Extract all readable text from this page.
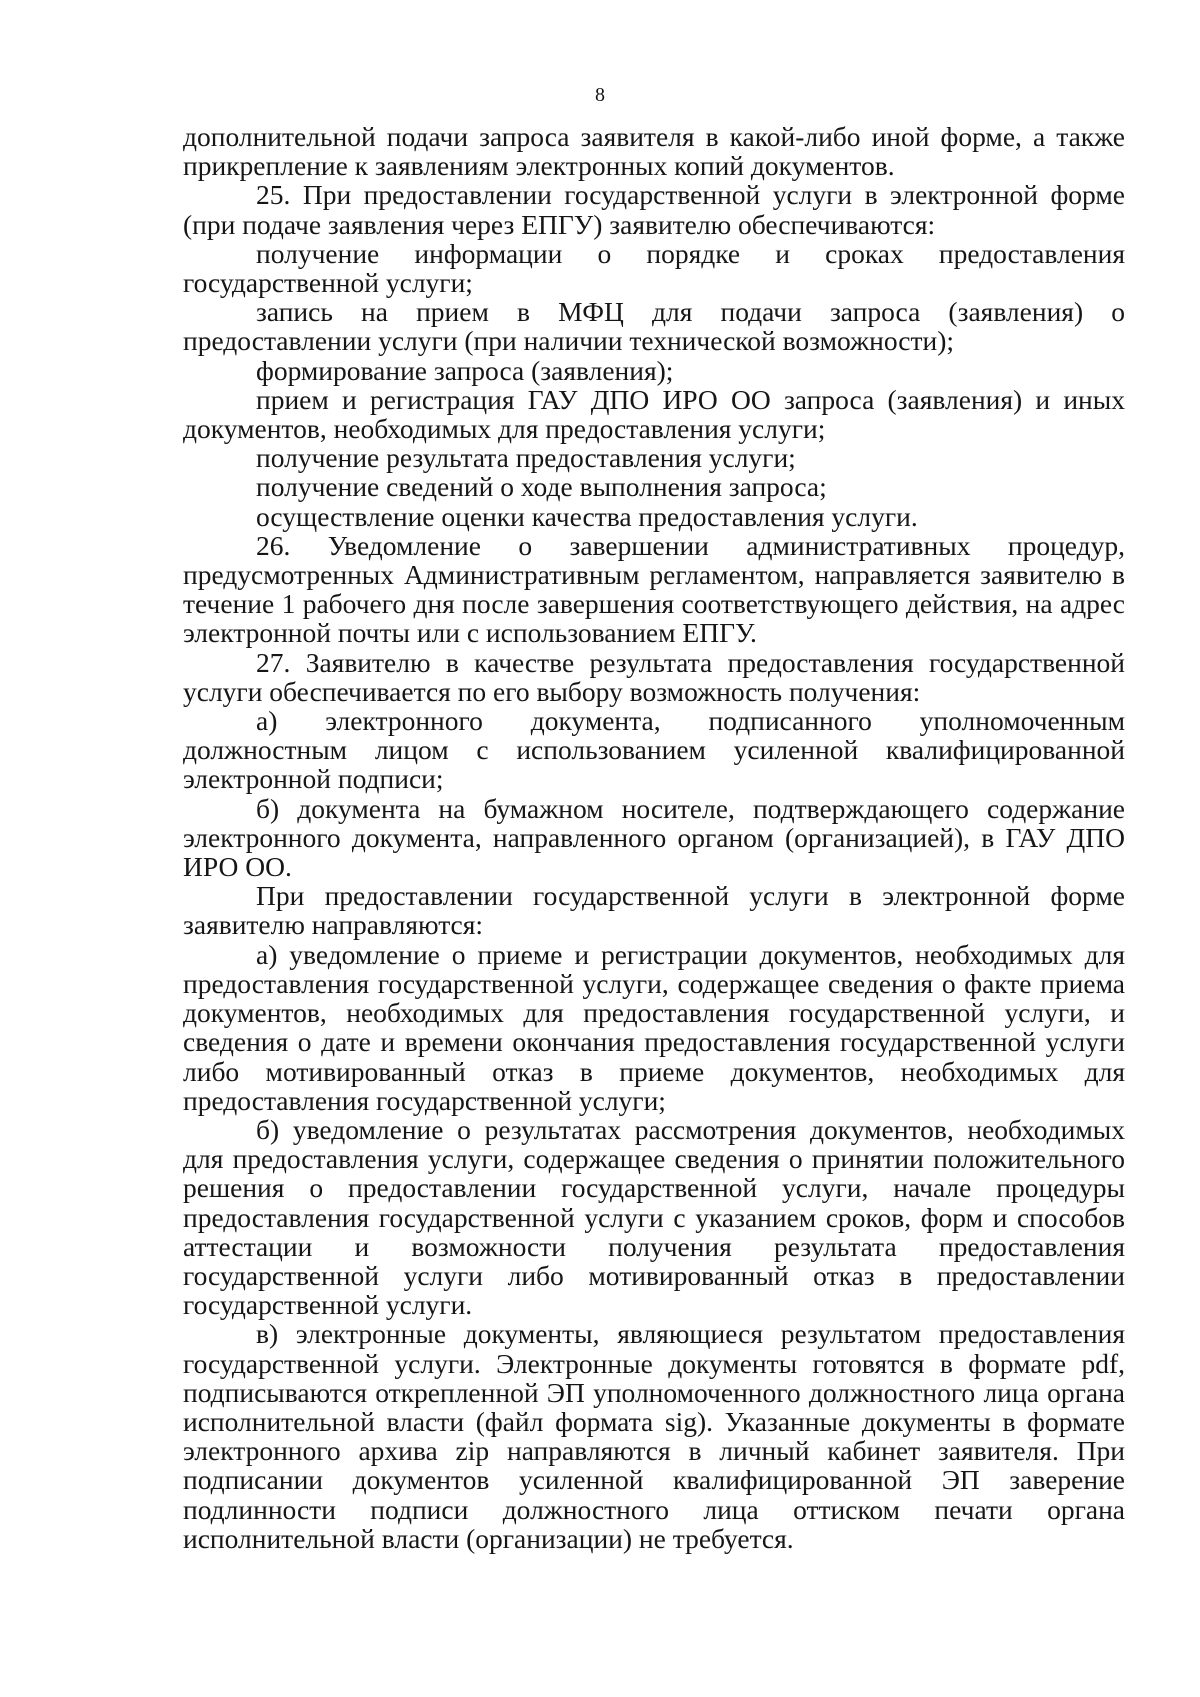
8

дополнительной подачи запроса заявителя в какой-либо иной форме, а также прикрепление к заявлениям электронных копий документов.

25. При предоставлении государственной услуги в электронной форме (при подаче заявления через ЕПГУ) заявителю обеспечиваются:

получение информации о порядке и сроках предоставления государственной услуги;

запись на прием в МФЦ для подачи запроса (заявления) о предоставлении услуги (при наличии технической возможности);

формирование запроса (заявления);

прием и регистрация ГАУ ДПО ИРО ОО запроса (заявления) и иных документов, необходимых для предоставления услуги;

получение результата предоставления услуги;

получение сведений о ходе выполнения запроса;

осуществление оценки качества предоставления услуги.

26. Уведомление о завершении административных процедур, предусмотренных Административным регламентом, направляется заявителю в течение 1 рабочего дня после завершения соответствующего действия, на адрес электронной почты или с использованием ЕПГУ.

27. Заявителю в качестве результата предоставления государственной услуги обеспечивается по его выбору возможность получения:

а) электронного документа, подписанного уполномоченным должностным лицом с использованием усиленной квалифицированной электронной подписи;

б) документа на бумажном носителе, подтверждающего содержание электронного документа, направленного органом (организацией), в ГАУ ДПО ИРО ОО.

При предоставлении государственной услуги в электронной форме заявителю направляются:

а) уведомление о приеме и регистрации документов, необходимых для предоставления государственной услуги, содержащее сведения о факте приема документов, необходимых для предоставления государственной услуги, и сведения о дате и времени окончания предоставления государственной услуги либо мотивированный отказ в приеме документов, необходимых для предоставления государственной услуги;

б) уведомление о результатах рассмотрения документов, необходимых для предоставления услуги, содержащее сведения о принятии положительного решения о предоставлении государственной услуги, начале процедуры предоставления государственной услуги с указанием сроков, форм и способов аттестации и возможности получения результата предоставления государственной услуги либо мотивированный отказ в предоставлении государственной услуги.

в) электронные документы, являющиеся результатом предоставления государственной услуги. Электронные документы готовятся в формате pdf, подписываются открепленной ЭП уполномоченного должностного лица органа исполнительной власти (файл формата sig). Указанные документы в формате электронного архива zip направляются в личный кабинет заявителя. При подписании документов усиленной квалифицированной ЭП заверение подлинности подписи должностного лица оттиском печати органа исполнительной власти (организации) не требуется.
